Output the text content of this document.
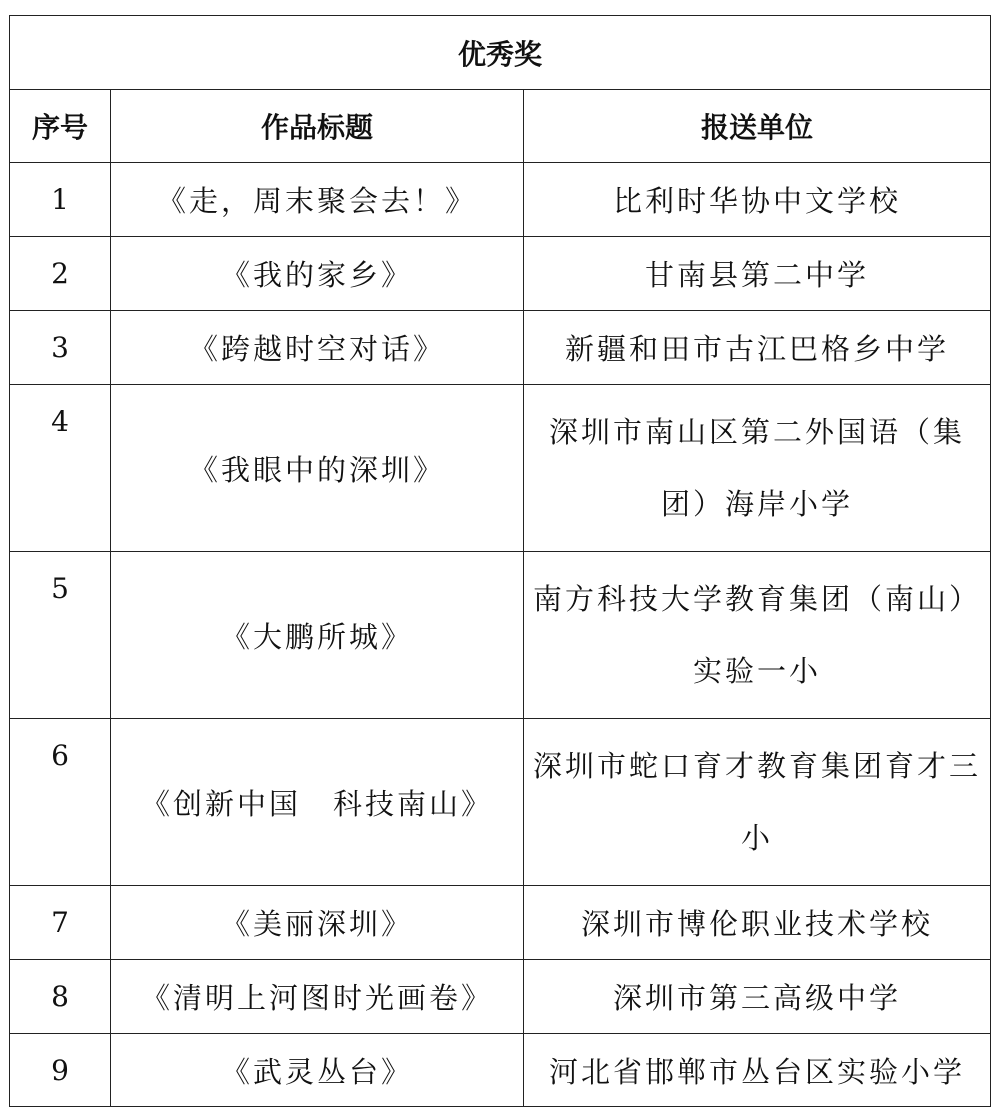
优秀奖		
序号	作品标题	报送单位
1	《走，周末聚会去！》	比利时华协中文学校
2	《我的家乡》	甘南县第二中学
3	《跨越时空对话》	新疆和田市古江巴格乡中学
4	《我眼中的深圳》	深圳市南山区第二外国语（集团）海岸小学
5	《大鹏所城》	南方科技大学教育集团（南山）实验一小
6	《创新中国　科技南山》	深圳市蛇口育才教育集团育才三小
7	《美丽深圳》	深圳市博伦职业技术学校
8	《清明上河图时光画卷》	深圳市第三高级中学
9	《武灵丛台》	河北省邯郸市丛台区实验小学
